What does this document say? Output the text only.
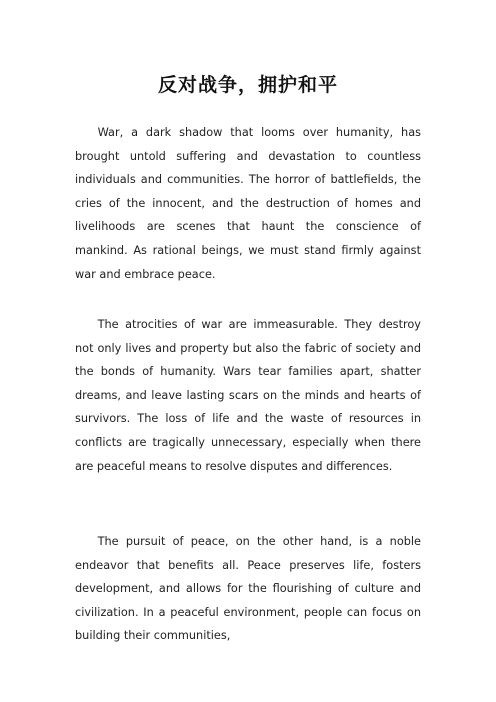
反对战争，拥护和平

War, a dark shadow that looms over humanity, has brought untold suffering and devastation to countless individuals and communities. The horror of battlefields, the cries of the innocent, and the destruction of homes and livelihoods are scenes that haunt the conscience of mankind. As rational beings, we must stand firmly against war and embrace peace.

The atrocities of war are immeasurable. They destroy not only lives and property but also the fabric of society and the bonds of humanity. Wars tear families apart, shatter dreams, and leave lasting scars on the minds and hearts of survivors. The loss of life and the waste of resources in conflicts are tragically unnecessary, especially when there are peaceful means to resolve disputes and differences.

The pursuit of peace, on the other hand, is a noble endeavor that benefits all. Peace preserves life, fosters development, and allows for the flourishing of culture and civilization. In a peaceful environment, people can focus on building their communities,
